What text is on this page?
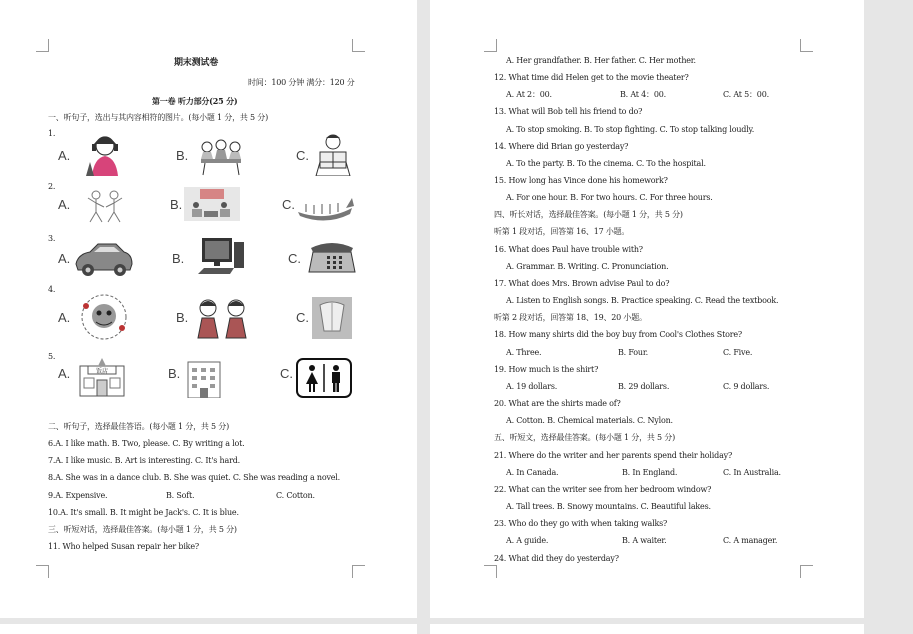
期末测试卷
时间：100 分钟 满分：120 分
第一卷 听力部分(25 分)
一、听句子，选出与其内容相符的图片。(每小题 1 分，共 5 分)
1.
2.
3.
4.
5.
A.	B.	C.
A.	B.	C.
A.	B.	C.
A.	B.	C.
A.	饭店	B.	C.
二、听句子，选择最佳答语。(每小题 1 分，共 5 分)
6.A. I like math. B. Two, please. C. By writing a lot.
7.A. I like music. B. Art is interesting. C. It's hard.
8.A. She was in a dance club. B. She was quiet. C. She was reading a novel.
9.A. Expensive.	B. Soft.	C. Cotton.
10.A. It's small. B. It might be Jack's. C. It is blue.
三、听短对话，选择最佳答案。(每小题 1 分，共 5 分)
11. Who helped Susan repair her bike?
A. Her grandfather. B. Her father. C. Her mother.
12. What time did Helen get to the movie theater?
A. At 2：00.	B. At 4：00.	C. At 5：00.
13. What will Bob tell his friend to do?
A. To stop smoking. B. To stop fighting. C. To stop talking loudly.
14. Where did Brian go yesterday?
A. To the party. B. To the cinema. C. To the hospital.
15. How long has Vince done his homework?
A. For one hour. B. For two hours. C. For three hours.
四、听长对话，选择最佳答案。(每小题 1 分，共 5 分)
听第 1 段对话，回答第 16、17 小题。
16. What does Paul have trouble with?
A. Grammar. B. Writing. C. Pronunciation.
17. What does Mrs. Brown advise Paul to do?
A. Listen to English songs. B. Practice speaking. C. Read the textbook.
听第 2 段对话，回答第 18、19、20 小题。
18. How many shirts did the boy buy from Cool's Clothes Store?
A. Three.	B. Four.	C. Five.
19. How much is the shirt?
A. 19 dollars.	B. 29 dollars.	C. 9 dollars.
20. What are the shirts made of?
A. Cotton. B. Chemical materials. C. Nylon.
五、听短文，选择最佳答案。(每小题 1 分，共 5 分)
21. Where do the writer and her parents spend their holiday?
A. In Canada.	B. In England.	C. In Australia.
22. What can the writer see from her bedroom window?
A. Tall trees. B. Snowy mountains. C. Beautiful lakes.
23. Who do they go with when taking walks?
A. A guide.	B. A waiter.	C. A manager.
24. What did they do yesterday?
